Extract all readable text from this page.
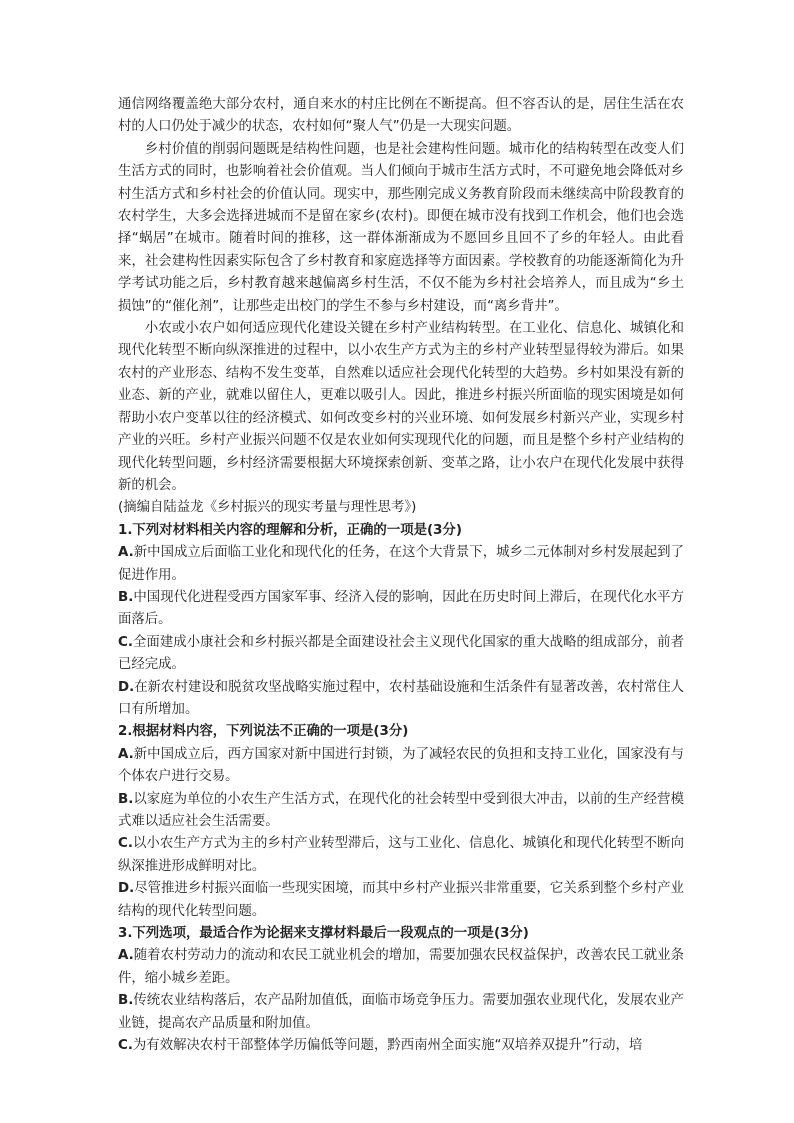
通信网络覆盖绝大部分农村，通自来水的村庄比例在不断提高。但不容否认的是，居住生活在农村的人口仍处于减少的状态，农村如何“聚人气”仍是一大现实问题。

乡村价值的削弱问题既是结构性问题，也是社会建构性问题。城市化的结构转型在改变人们生活方式的同时，也影响着社会价值观。当人们倾向于城市生活方式时，不可避免地会降低对乡村生活方式和乡村社会的价值认同。现实中，那些刚完成义务教育阶段而未继续高中阶段教育的农村学生，大多会选择进城而不是留在家乡(农村)。即便在城市没有找到工作机会，他们也会选择“蜗居”在城市。随着时间的推移，这一群体渐渐成为不愿回乡且回不了乡的年轻人。由此看来，社会建构性因素实际包含了乡村教育和家庭选择等方面因素。学校教育的功能逐渐简化为升学考试功能之后，乡村教育越来越偏离乡村生活，不仅不能为乡村社会培养人，而且成为“乡土损蚀”的“催化剂”，让那些走出校门的学生不参与乡村建设，而“离乡背井”。

小农或小农户如何适应现代化建设关键在乡村产业结构转型。在工业化、信息化、城镇化和现代化转型不断向纵深推进的过程中，以小农生产方式为主的乡村产业转型显得较为滞后。如果农村的产业形态、结构不发生变革，自然难以适应社会现代化转型的大趋势。乡村如果没有新的业态、新的产业，就难以留住人，更难以吸引人。因此，推进乡村振兴所面临的现实困境是如何帮助小农户变革以往的经济模式、如何改变乡村的兴业环境、如何发展乡村新兴产业，实现乡村产业的兴旺。乡村产业振兴问题不仅是农业如何实现现代化的问题，而且是整个乡村产业结构的现代化转型问题，乡村经济需要根据大环境探索创新、变革之路，让小农户在现代化发展中获得新的机会。

(摘编自陆益龙《乡村振兴的现实考量与理性思考》)

1.下列对材料相关内容的理解和分析，正确的一项是(3分)

A.新中国成立后面临工业化和现代化的任务，在这个大背景下，城乡二元体制对乡村发展起到了促进作用。

B.中国现代化进程受西方国家军事、经济入侵的影响，因此在历史时间上滞后，在现代化水平方面落后。

C.全面建成小康社会和乡村振兴都是全面建设社会主义现代化国家的重大战略的组成部分，前者已经完成。

D.在新农村建设和脱贫攻坚战略实施过程中，农村基础设施和生活条件有显著改善，农村常住人口有所增加。

2.根据材料内容，下列说法不正确的一项是(3分)

A.新中国成立后，西方国家对新中国进行封锁，为了减轻农民的负担和支持工业化，国家没有与个体农户进行交易。

B.以家庭为单位的小农生产生活方式，在现代化的社会转型中受到很大冲击，以前的生产经营模式难以适应社会生活需要。

C.以小农生产方式为主的乡村产业转型滞后，这与工业化、信息化、城镇化和现代化转型不断向纵深推进形成鲜明对比。

D.尽管推进乡村振兴面临一些现实困境，而其中乡村产业振兴非常重要，它关系到整个乡村产业结构的现代化转型问题。

3.下列选项，最适合作为论据来支撑材料最后一段观点的一项是(3分)

A.随着农村劳动力的流动和农民工就业机会的增加，需要加强农民权益保护，改善农民工就业条件，缩小城乡差距。

B.传统农业结构落后，农产品附加值低，面临市场竞争压力。需要加强农业现代化，发展农业产业链，提高农产品质量和附加值。

C.为有效解决农村干部整体学历偏低等问题，黔西南州全面实施“双培养双提升”行动，培
